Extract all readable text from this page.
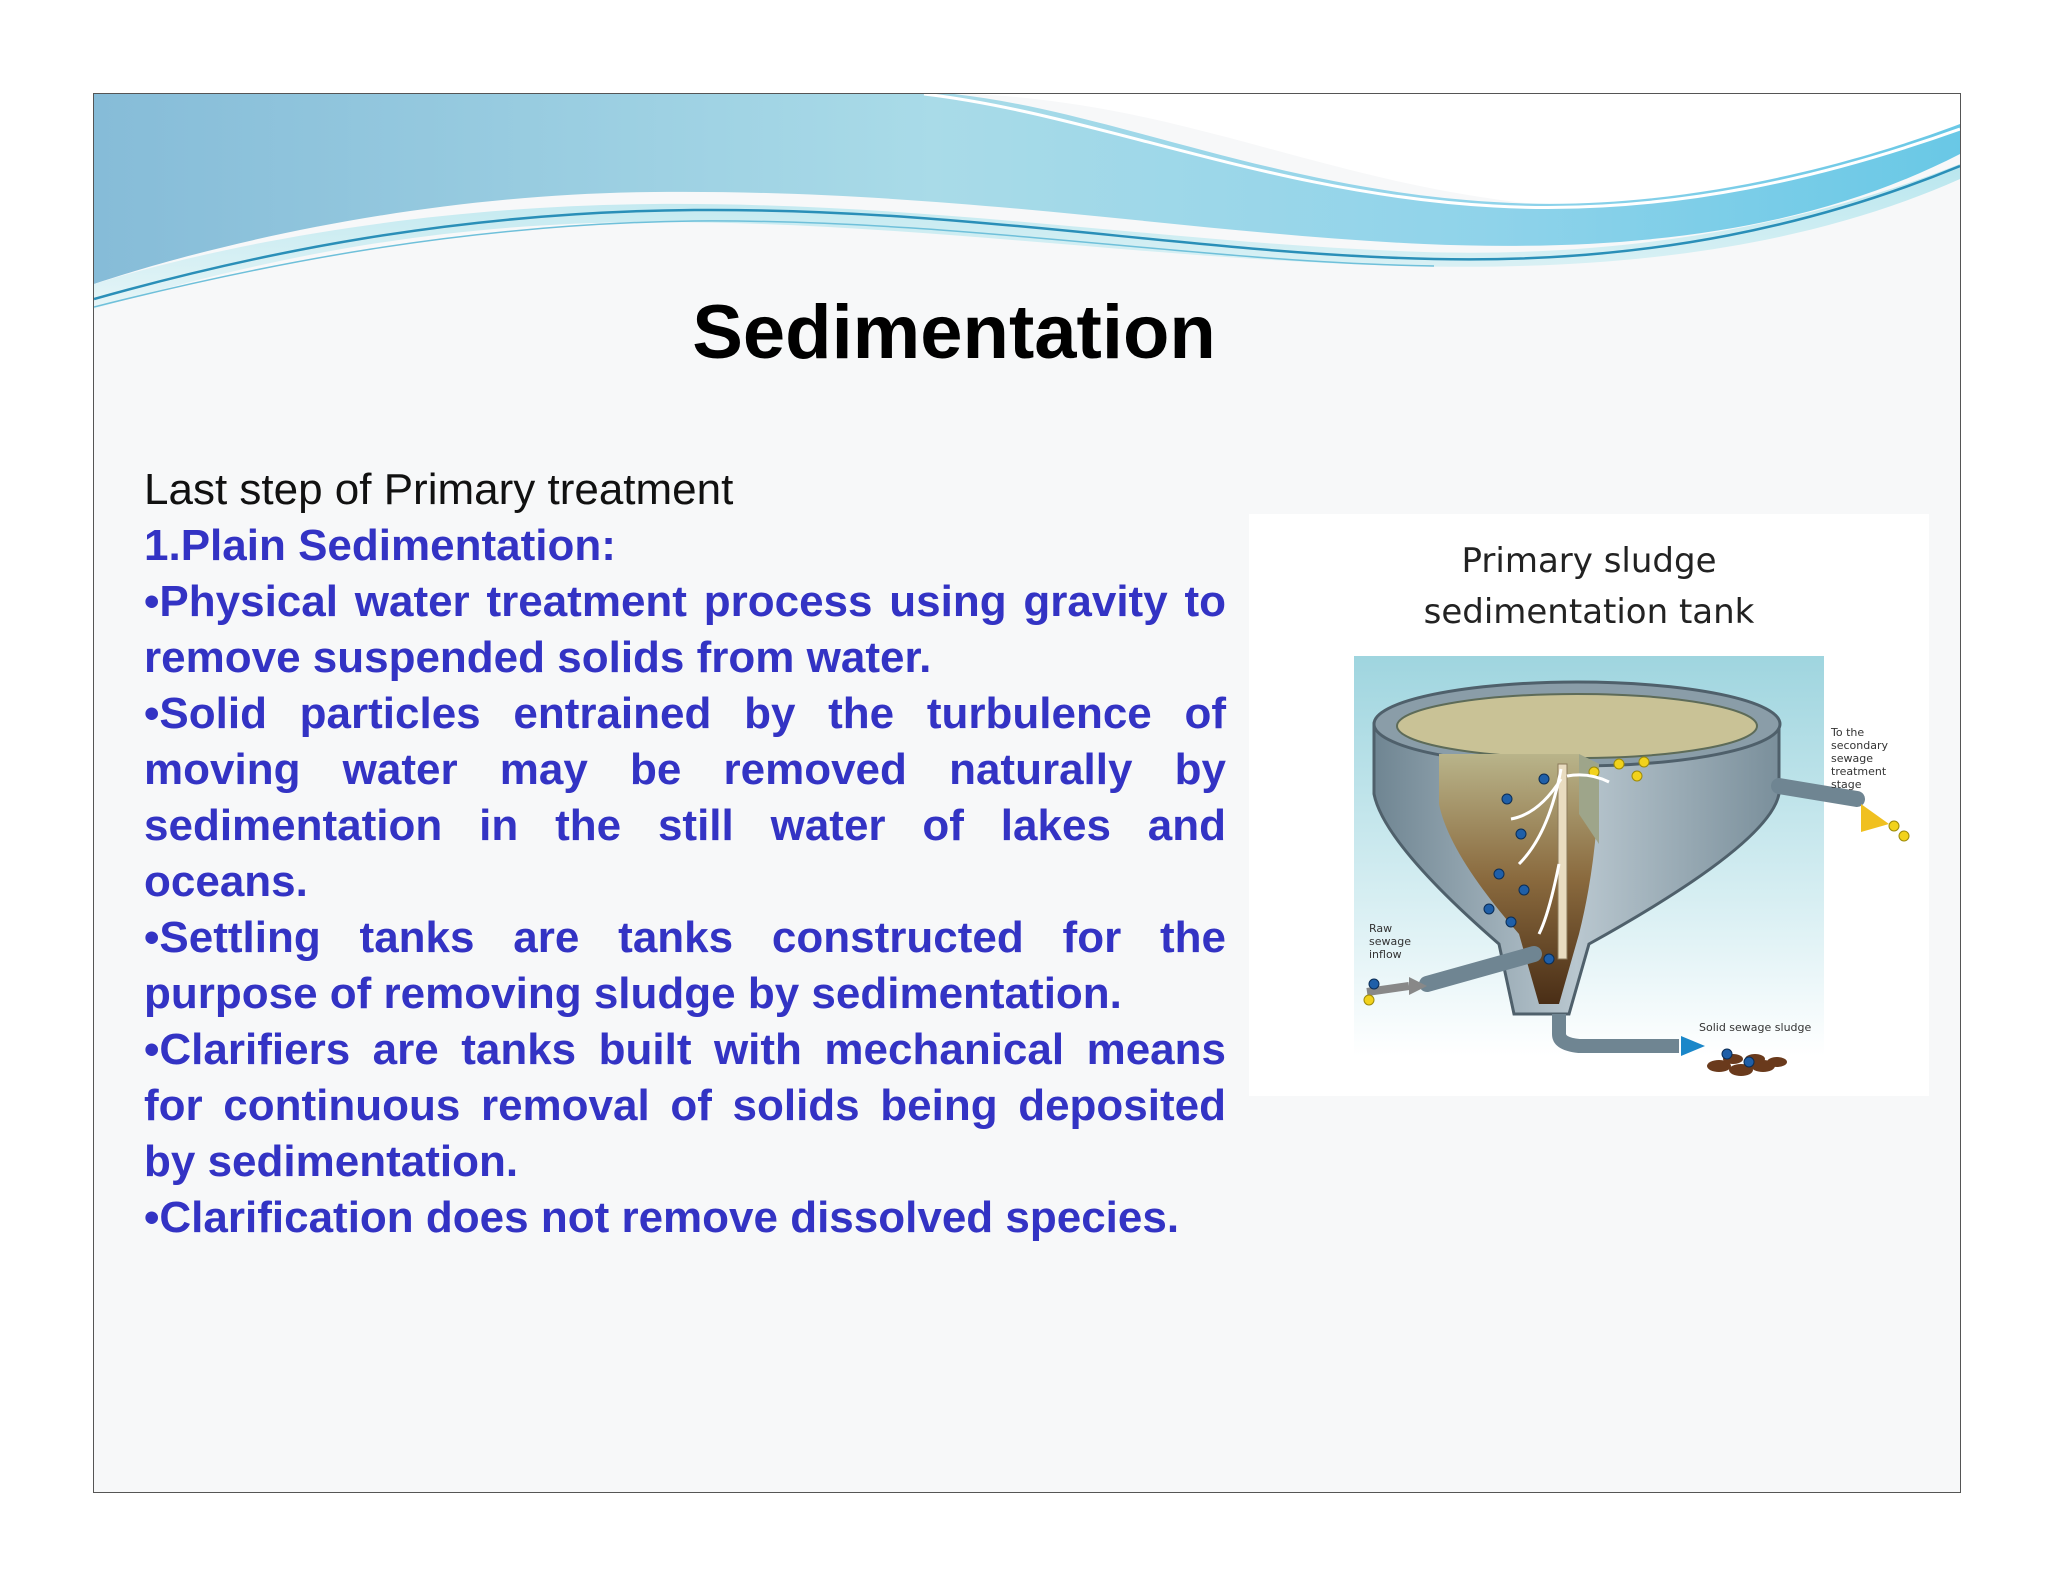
Sedimentation
Last step of Primary treatment
1.Plain Sedimentation:
•Physical water treatment process using gravity to remove suspended solids from water.
•Solid particles entrained by the turbulence of moving water may be removed naturally by sedimentation in the still water of lakes and oceans.
•Settling tanks are tanks constructed for the purpose of removing sludge by sedimentation.
•Clarifiers are tanks built with mechanical means for continuous removal of solids being deposited by sedimentation.
•Clarification does not remove dissolved species.
To the secondary sewage treatment stage
Raw sewage inflow
Solid sewage sludge
Primary sludge
sedimentation tank
